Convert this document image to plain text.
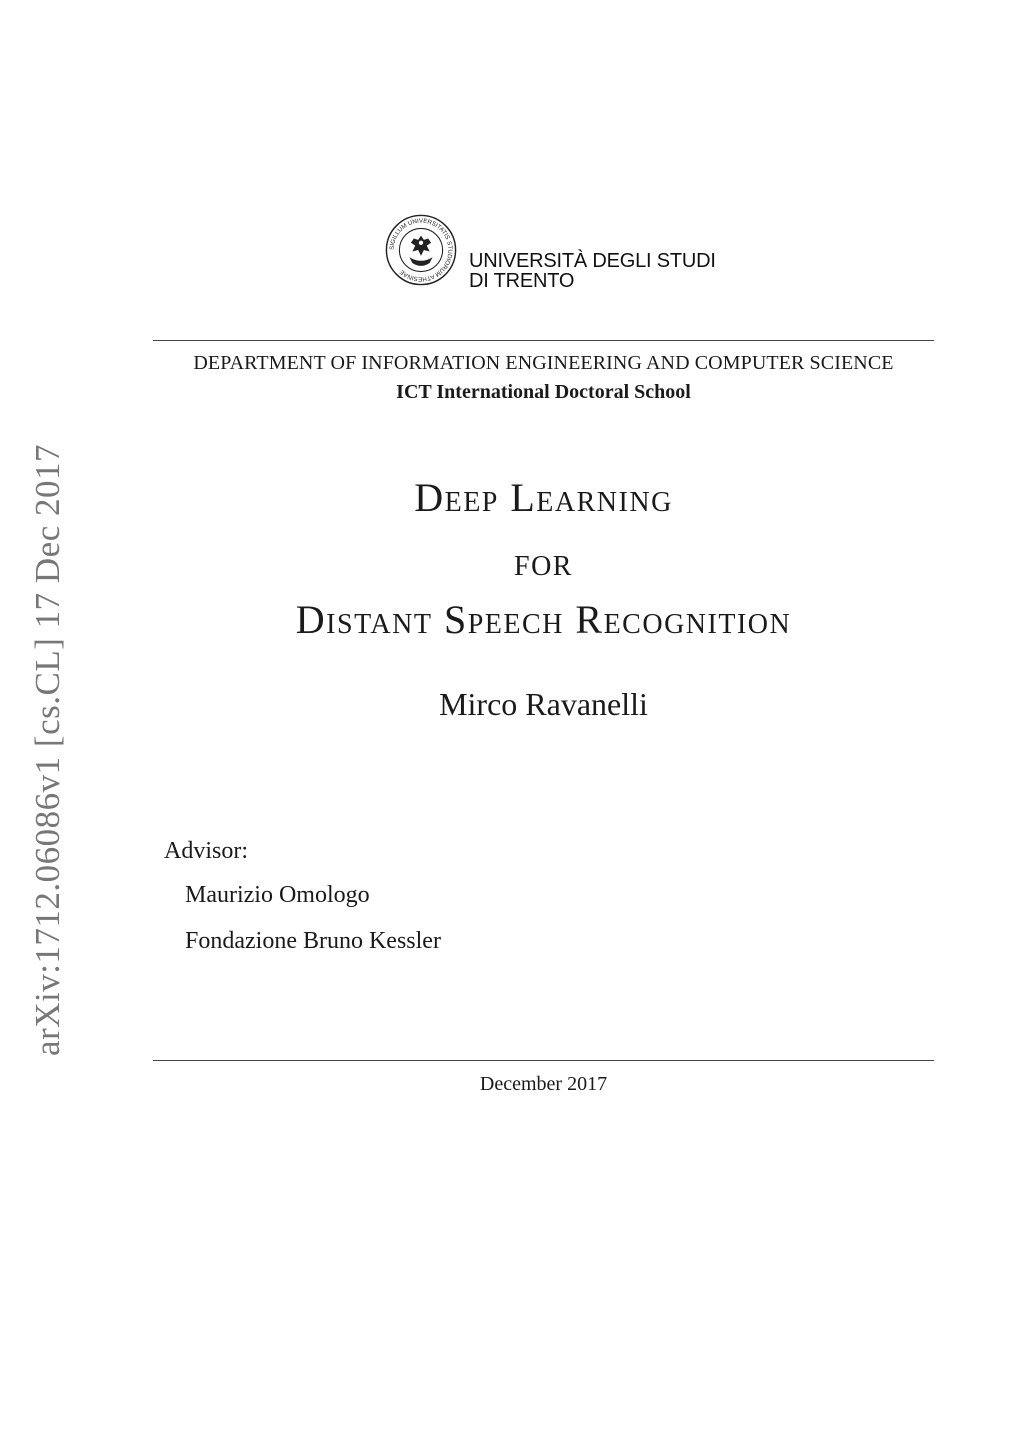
arXiv:1712.06086v1 [cs.CL] 17 Dec 2017
SIGILLUM UNIVERSITATIS STUDIORUM ATHESINAE
UNIVERSITÀ DEGLI STUDI
DI TRENTO
DEPARTMENT OF INFORMATION ENGINEERING AND COMPUTER SCIENCE
ICT International Doctoral School
Deep Learning
for
Distant Speech Recognition
Mirco Ravanelli
Advisor:
Maurizio Omologo
Fondazione Bruno Kessler
December 2017
